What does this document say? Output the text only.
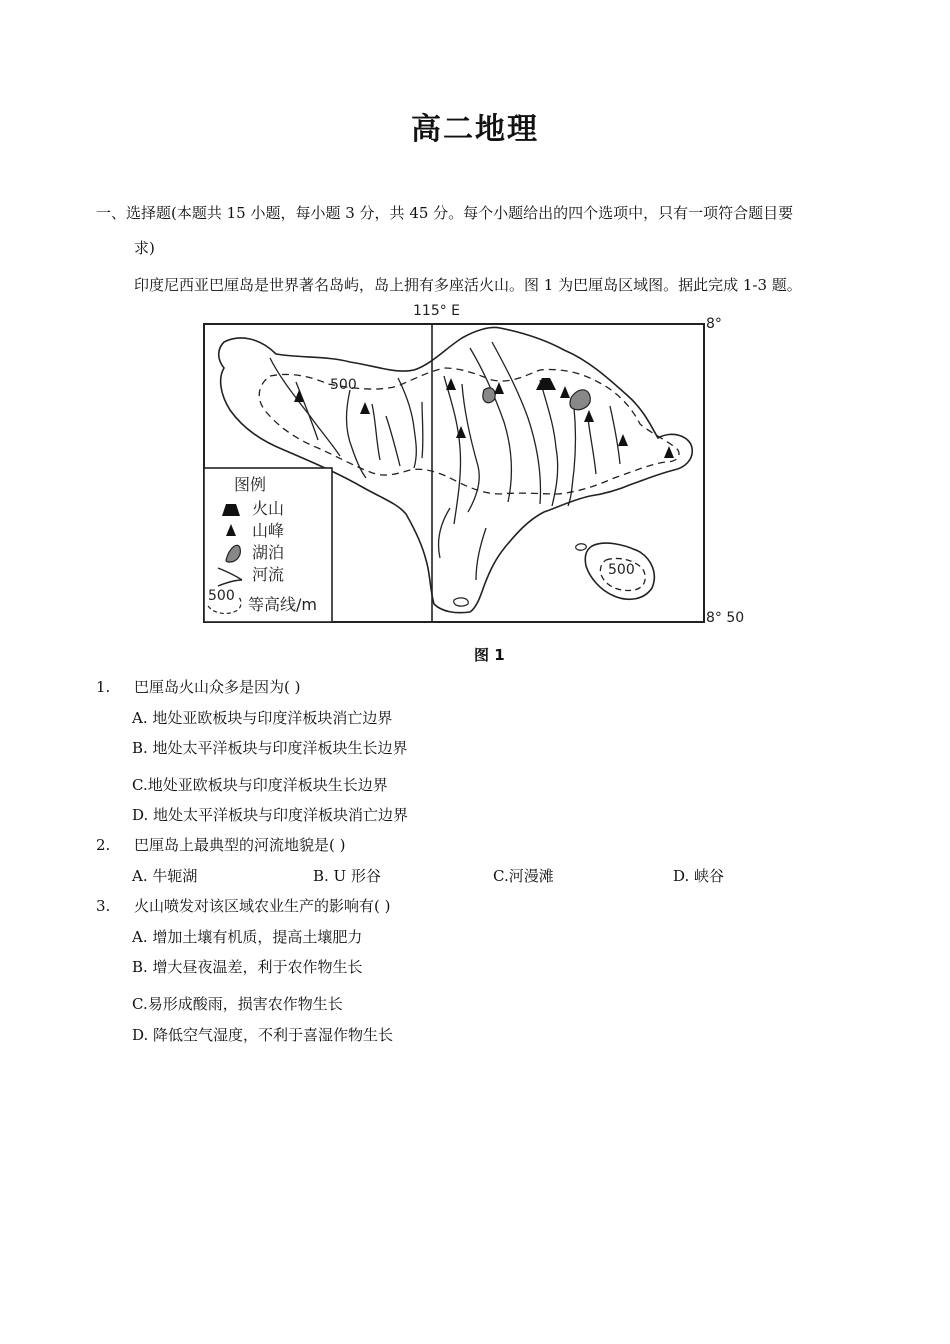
高二地理
一、选择题(本题共 15 小题，每小题 3 分，共 45 分。每个小题给出的四个选项中，只有一项符合题目要
求)
印度尼西亚巴厘岛是世界著名岛屿，岛上拥有多座活火山。图 1 为巴厘岛区域图。据此完成 1-3 题。
115° E
8°
8° 50
500
500
图例
火山
山峰
湖泊
河流
500 等高线/m
图 1
1. 巴厘岛火山众多是因为( )
A. 地处亚欧板块与印度洋板块消亡边界
B. 地处太平洋板块与印度洋板块生长边界
C.地处亚欧板块与印度洋板块生长边界
D. 地处太平洋板块与印度洋板块消亡边界
2. 巴厘岛上最典型的河流地貌是( )
A. 牛轭湖	B. U 形谷	C.河漫滩	D. 峡谷
3. 火山喷发对该区域农业生产的影响有( )
A. 增加土壤有机质，提高土壤肥力
B. 增大昼夜温差，利于农作物生长
C.易形成酸雨，损害农作物生长
D. 降低空气湿度，不利于喜湿作物生长
